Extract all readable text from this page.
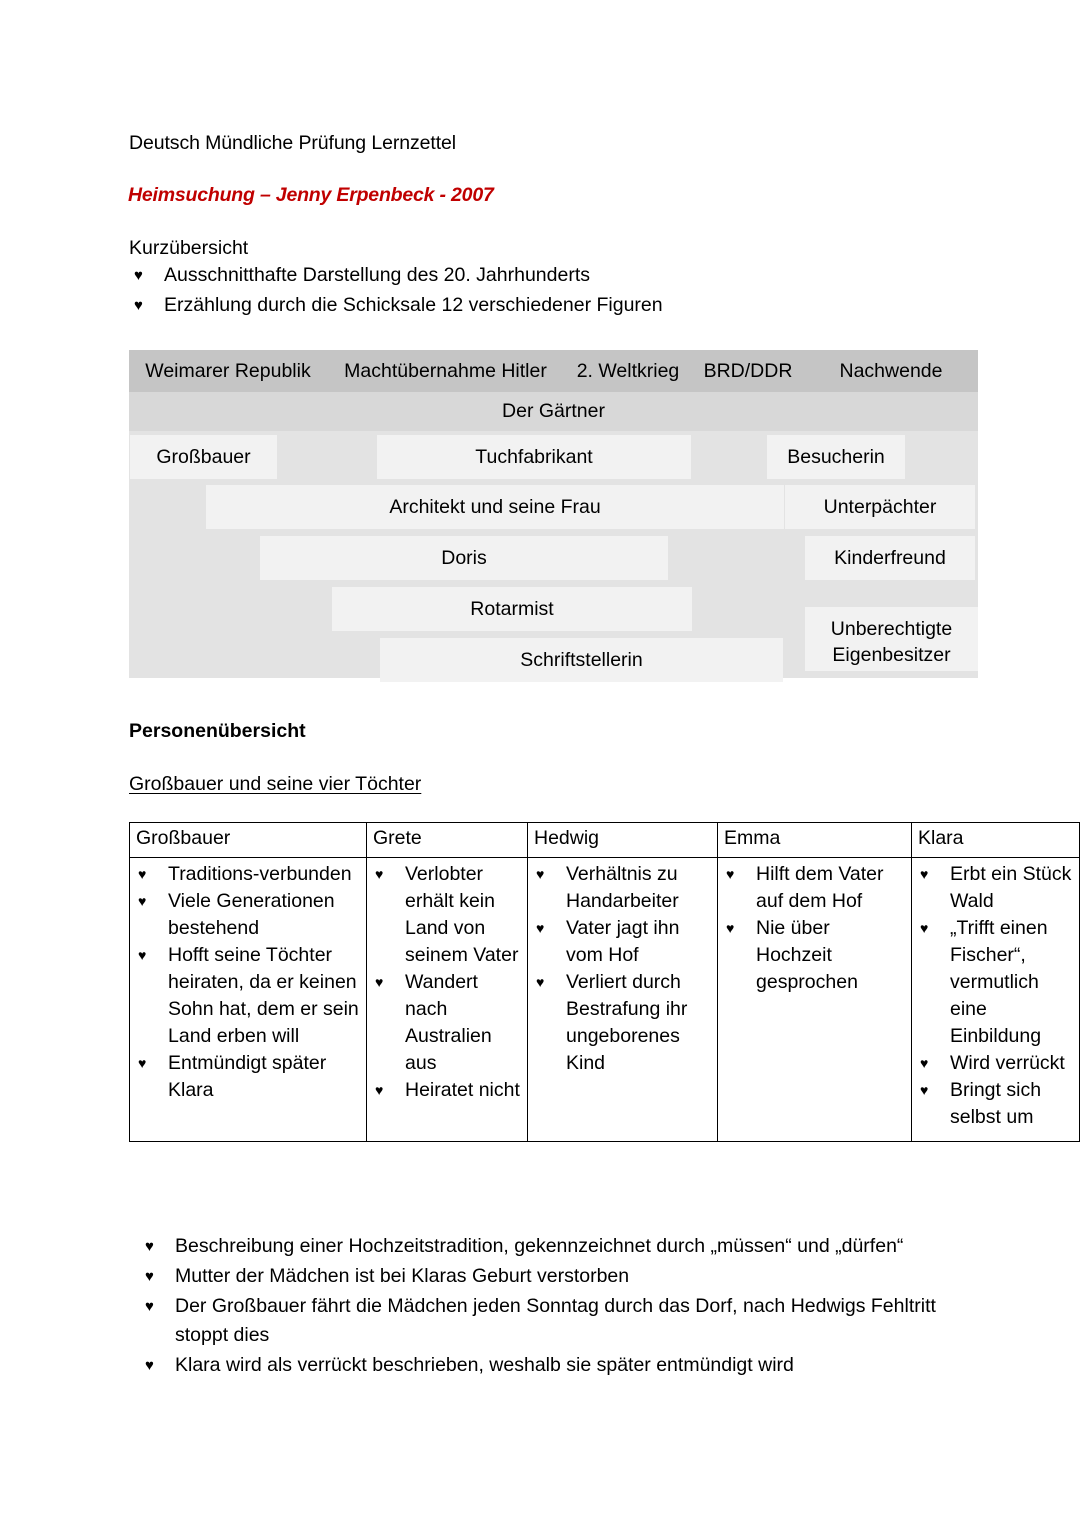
Deutsch Mündliche Prüfung Lernzettel
Heimsuchung – Jenny Erpenbeck - 2007
Kurzübersicht
♥ Ausschnitthafte Darstellung des 20. Jahrhunderts
♥ Erzählung durch die Schicksale 12 verschiedener Figuren
Weimarer Republik	Machtübernahme Hitler	2. Weltkrieg	BRD/DDR	Nachwende
Der Gärtner
Großbauer	Tuchfabrikant	Besucherin
Architekt und seine Frau	Unterpächter
Doris	Kinderfreund
Rotarmist
Schriftstellerin
Unberechtigte Eigenbesitzer
Personenübersicht
Großbauer und seine vier Töchter
Großbauer	Grete	Hedwig	Emma	Klara

♥ Traditions-verbunden
♥ Viele Generationen bestehend
♥ Hofft seine Töchter heiraten, da er keinen Sohn hat, dem er sein Land erben will
♥ Entmündigt später Klara

♥ Verlobter erhält kein Land von seinem Vater
♥ Wandert nach Australien aus
♥ Heiratet nicht

♥ Verhältnis zu Handarbeiter
♥ Vater jagt ihn vom Hof
♥ Verliert durch Bestrafung ihr ungeborenes Kind

♥ Hilft dem Vater auf dem Hof
♥ Nie über Hochzeit gesprochen

♥ Erbt ein Stück Wald
♥ „Trifft einen Fischer“, vermutlich eine Einbildung
♥ Wird verrückt
♥ Bringt sich selbst um
♥ Beschreibung einer Hochzeitstradition, gekennzeichnet durch „müssen“ und „dürfen“
♥ Mutter der Mädchen ist bei Klaras Geburt verstorben
♥ Der Großbauer fährt die Mädchen jeden Sonntag durch das Dorf, nach Hedwigs Fehltritt stoppt dies
♥ Klara wird als verrückt beschrieben, weshalb sie später entmündigt wird
